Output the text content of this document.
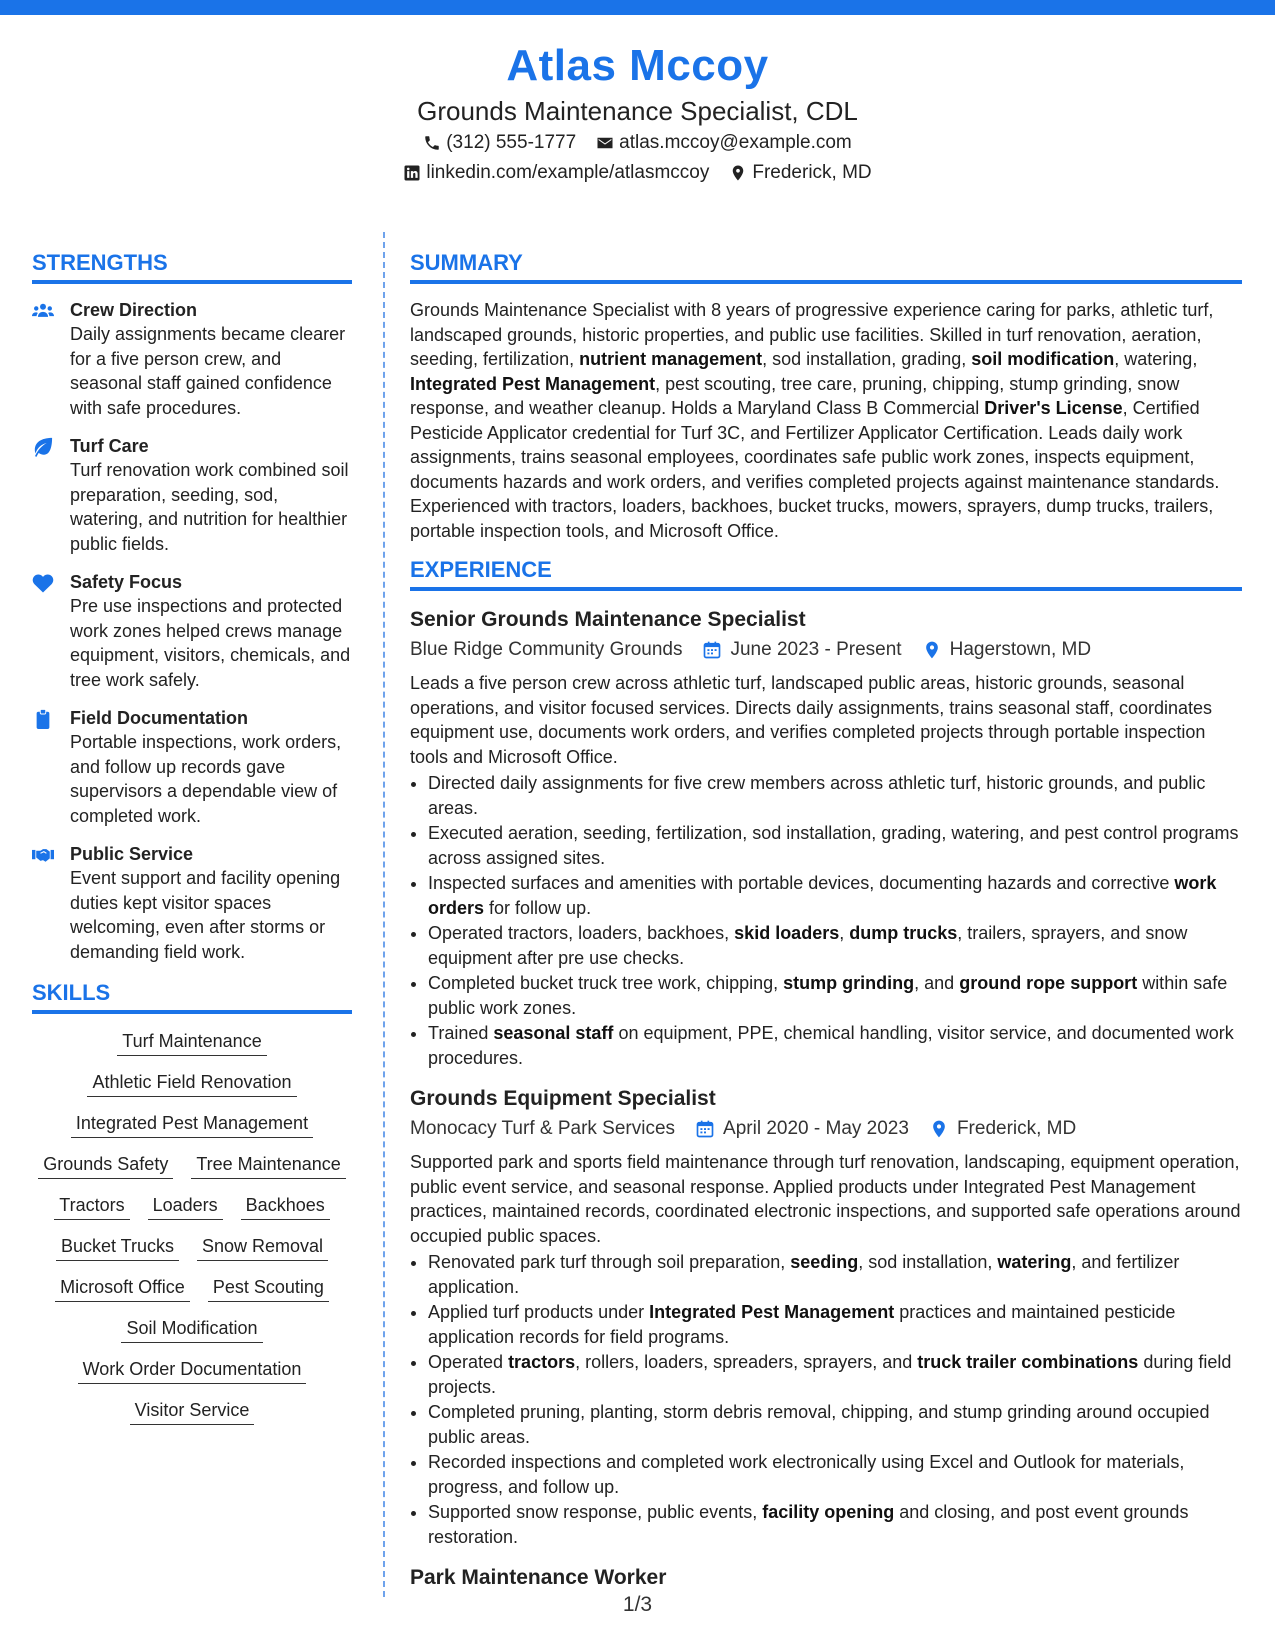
Atlas Mccoy
Grounds Maintenance Specialist, CDL
(312) 555-1777 atlas.mccoy@example.com
linkedin.com/example/atlasmccoy Frederick, MD
STRENGTHS
Crew Direction
Daily assignments became clearer for a five person crew, and seasonal staff gained confidence with safe procedures.
Turf Care
Turf renovation work combined soil preparation, seeding, sod, watering, and nutrition for healthier public fields.
Safety Focus
Pre use inspections and protected work zones helped crews manage equipment, visitors, chemicals, and tree work safely.
Field Documentation
Portable inspections, work orders, and follow up records gave supervisors a dependable view of completed work.
Public Service
Event support and facility opening duties kept visitor spaces welcoming, even after storms or demanding field work.
SKILLS
Turf Maintenance
Athletic Field Renovation
Integrated Pest Management
Grounds Safety Tree Maintenance
Tractors Loaders Backhoes
Bucket Trucks Snow Removal
Microsoft Office Pest Scouting
Soil Modification
Work Order Documentation
Visitor Service
SUMMARY
Grounds Maintenance Specialist with 8 years of progressive experience caring for parks, athletic turf, landscaped grounds, historic properties, and public use facilities. Skilled in turf renovation, aeration, seeding, fertilization, nutrient management, sod installation, grading, soil modification, watering, Integrated Pest Management, pest scouting, tree care, pruning, chipping, stump grinding, snow response, and weather cleanup. Holds a Maryland Class B Commercial Driver's License, Certified Pesticide Applicator credential for Turf 3C, and Fertilizer Applicator Certification. Leads daily work assignments, trains seasonal employees, coordinates safe public work zones, inspects equipment, documents hazards and work orders, and verifies completed projects against maintenance standards. Experienced with tractors, loaders, backhoes, bucket trucks, mowers, sprayers, dump trucks, trailers, portable inspection tools, and Microsoft Office.
EXPERIENCE
Senior Grounds Maintenance Specialist
Blue Ridge Community Grounds	June 2023 - Present	Hagerstown, MD
Leads a five person crew across athletic turf, landscaped public areas, historic grounds, seasonal operations, and visitor focused services. Directs daily assignments, trains seasonal staff, coordinates equipment use, documents work orders, and verifies completed projects through portable inspection tools and Microsoft Office.
• Directed daily assignments for five crew members across athletic turf, historic grounds, and public areas.
• Executed aeration, seeding, fertilization, sod installation, grading, watering, and pest control programs across assigned sites.
• Inspected surfaces and amenities with portable devices, documenting hazards and corrective work orders for follow up.
• Operated tractors, loaders, backhoes, skid loaders, dump trucks, trailers, sprayers, and snow equipment after pre use checks.
• Completed bucket truck tree work, chipping, stump grinding, and ground rope support within safe public work zones.
• Trained seasonal staff on equipment, PPE, chemical handling, visitor service, and documented work procedures.
Grounds Equipment Specialist
Monocacy Turf & Park Services	April 2020 - May 2023	Frederick, MD
Supported park and sports field maintenance through turf renovation, landscaping, equipment operation, public event service, and seasonal response. Applied products under Integrated Pest Management practices, maintained records, coordinated electronic inspections, and supported safe operations around occupied public spaces.
• Renovated park turf through soil preparation, seeding, sod installation, watering, and fertilizer application.
• Applied turf products under Integrated Pest Management practices and maintained pesticide application records for field programs.
• Operated tractors, rollers, loaders, spreaders, sprayers, and truck trailer combinations during field projects.
• Completed pruning, planting, storm debris removal, chipping, and stump grinding around occupied public areas.
• Recorded inspections and completed work electronically using Excel and Outlook for materials, progress, and follow up.
• Supported snow response, public events, facility opening and closing, and post event grounds restoration.
Park Maintenance Worker
1/3
